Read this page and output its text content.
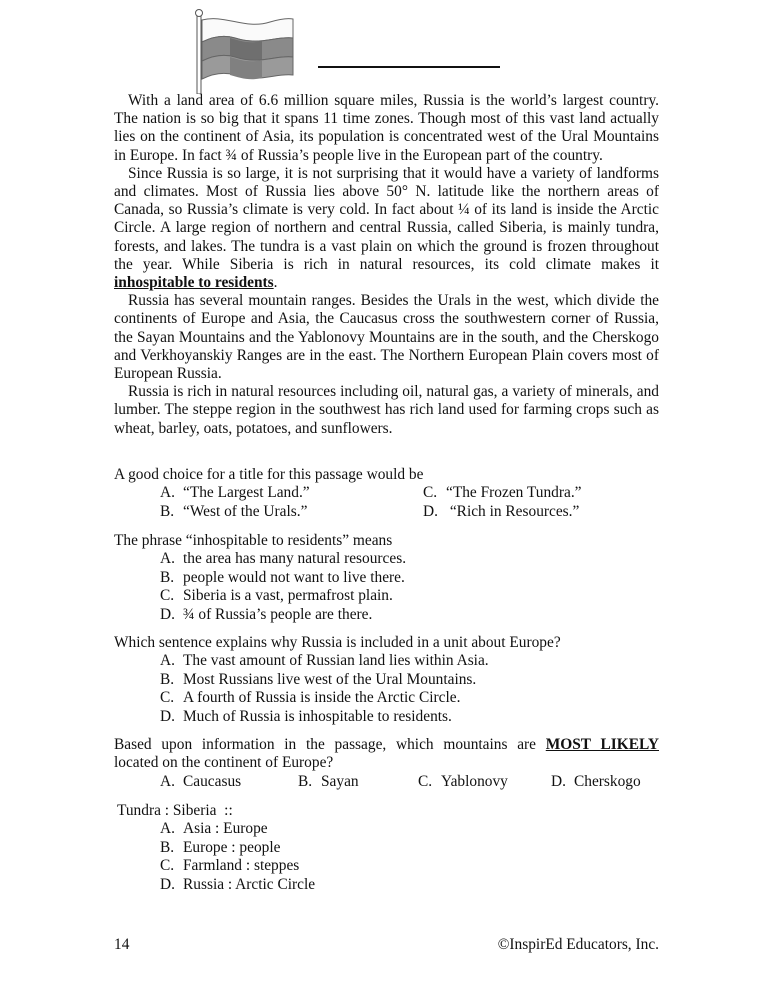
With a land area of 6.6 million square miles, Russia is the world’s largest country. The nation is so big that it spans 11 time zones. Though most of this vast land actually lies on the continent of Asia, its population is concentrated west of the Ural Mountains in Europe. In fact ¾ of Russia’s people live in the European part of the country.

Since Russia is so large, it is not surprising that it would have a variety of landforms and climates. Most of Russia lies above 50° N. latitude like the northern areas of Canada, so Russia’s climate is very cold. In fact about ¼ of its land is inside the Arctic Circle. A large region of northern and central Russia, called Siberia, is mainly tundra, forests, and lakes. The tundra is a vast plain on which the ground is frozen throughout the year. While Siberia is rich in natural resources, its cold climate makes it inhospitable to residents.

Russia has several mountain ranges. Besides the Urals in the west, which divide the continents of Europe and Asia, the Caucasus cross the southwestern corner of Russia, the Sayan Mountains and the Yablonovy Mountains are in the south, and the Cherskogo and Verkhoyanskiy Ranges are in the east. The Northern European Plain covers most of European Russia.

Russia is rich in natural resources including oil, natural gas, a variety of minerals, and lumber. The steppe region in the southwest has rich land used for farming crops such as wheat, barley, oats, potatoes, and sunflowers.

A good choice for a title for this passage would be

A. “The Largest Land.”	C. “The Frozen Tundra.”
B. “West of the Urals.”	D. “Rich in Resources.”

The phrase “inhospitable to residents” means

A. the area has many natural resources.
B. people would not want to live there.
C. Siberia is a vast, permafrost plain.
D. ¾ of Russia’s people are there.

Which sentence explains why Russia is included in a unit about Europe?

A. The vast amount of Russian land lies within Asia.
B. Most Russians live west of the Ural Mountains.
C. A fourth of Russia is inside the Arctic Circle.
D. Much of Russia is inhospitable to residents.

Based upon information in the passage, which mountains are MOST LIKELY

located on the continent of Europe?

A. Caucasus	B. Sayan	C. Yablonovy	D. Cherskogo

Tundra : Siberia  ::

A. Asia : Europe
B. Europe : people
C. Farmland : steppes
D. Russia : Arctic Circle
14	©InspirEd Educators, Inc.
